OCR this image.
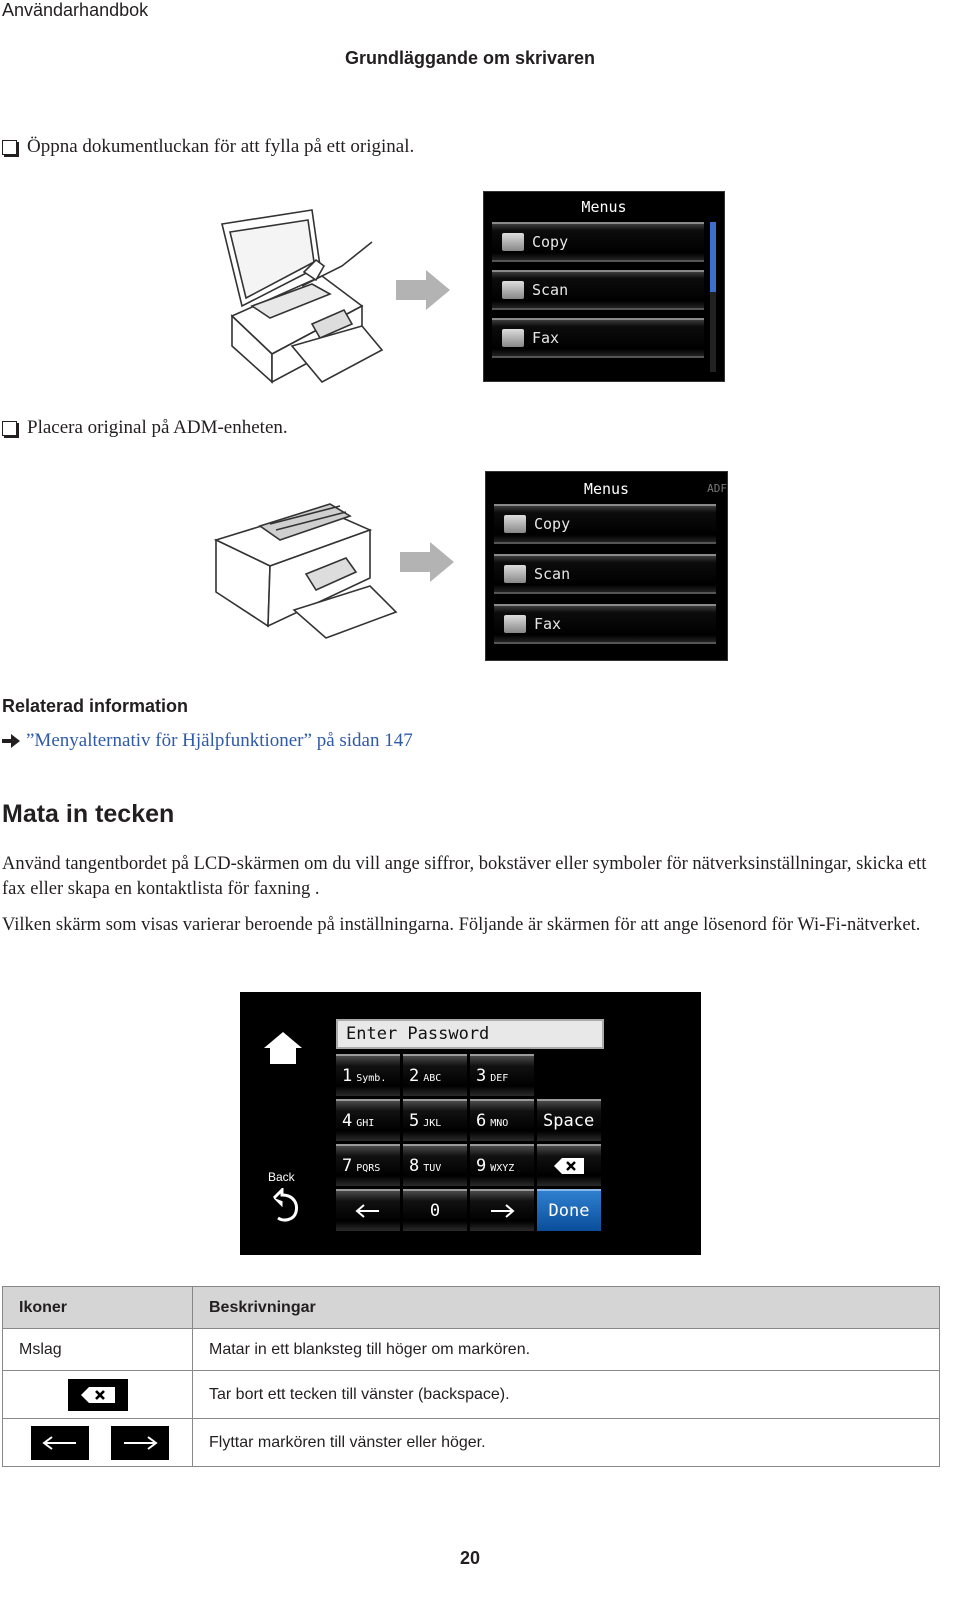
Användarhandbok
Grundläggande om skrivaren
Öppna dokumentluckan för att fylla på ett original.
Menus
Copy
Scan
Fax
Placera original på ADM-enheten.
Menus	ADF
Copy
Scan
Fax
Relaterad information
”Menyalternativ för Hjälpfunktioner” på sidan 147
Mata in tecken
Använd tangentbordet på LCD-skärmen om du vill ange siffror, bokstäver eller symboler för nätverksinställningar, skicka ett fax eller skapa en kontaktlista för faxning .
Vilken skärm som visas varierar beroende på inställningarna. Följande är skärmen för att ange lösenord för Wi-Fi-nätverket.
Back
Enter Password
1 Symb. 2 ABC 3 DEF
4 GHI 5 JKL 6 MNO	Space
7 PQRS 8 TUV 9 WXYZ
0	Done
Ikoner	Beskrivningar
Mslag	Matar in ett blanksteg till höger om markören.

	Tar bort ett tecken till vänster (backspace).

	Flyttar markören till vänster eller höger.
20
